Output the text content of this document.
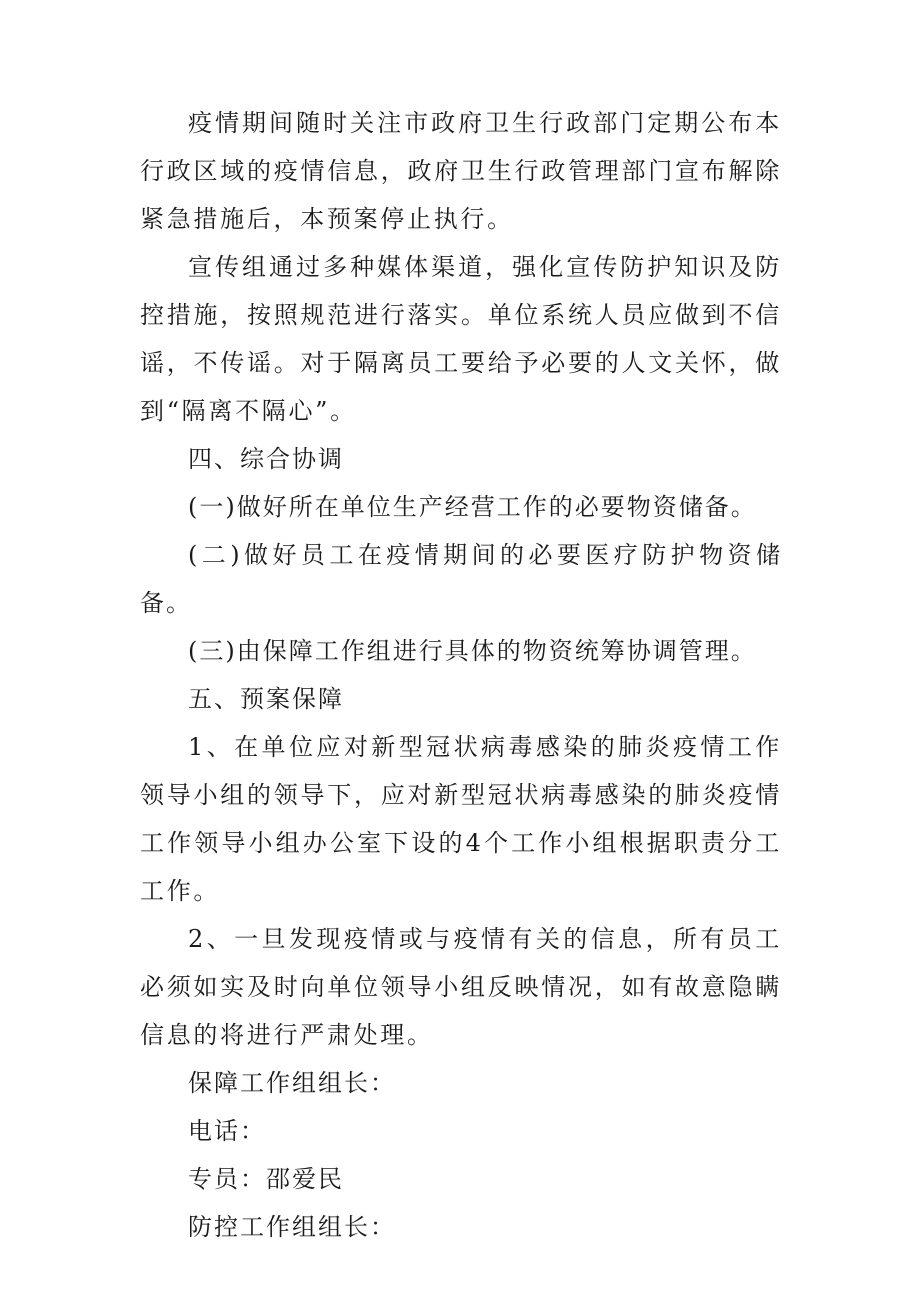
疫情期间随时关注市政府卫生行政部门定期公布本行政区域的疫情信息，政府卫生行政管理部门宣布解除紧急措施后，本预案停止执行。

宣传组通过多种媒体渠道，强化宣传防护知识及防控措施，按照规范进行落实。单位系统人员应做到不信谣，不传谣。对于隔离员工要给予必要的人文关怀，做到“隔离不隔心”。

四、综合协调

(一)做好所在单位生产经营工作的必要物资储备。

(二)做好员工在疫情期间的必要医疗防护物资储备。

(三)由保障工作组进行具体的物资统筹协调管理。

五、预案保障

1、在单位应对新型冠状病毒感染的肺炎疫情工作领导小组的领导下，应对新型冠状病毒感染的肺炎疫情工作领导小组办公室下设的4个工作小组根据职责分工工作。

2、一旦发现疫情或与疫情有关的信息，所有员工必须如实及时向单位领导小组反映情况，如有故意隐瞒信息的将进行严肃处理。

保障工作组组长：

电话：

专员：邵爱民

防控工作组组长：
